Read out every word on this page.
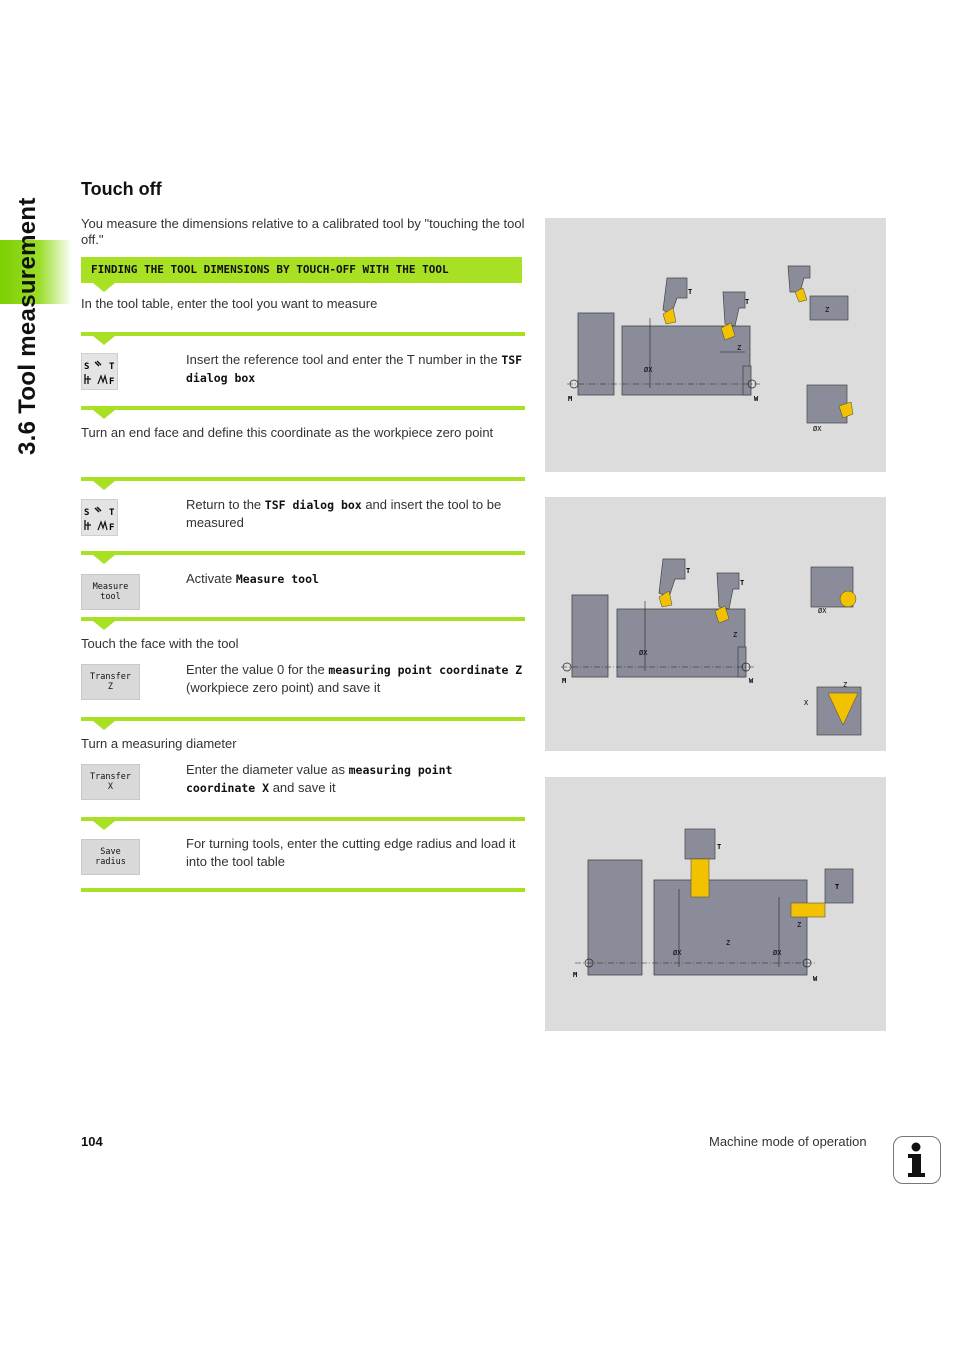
3.6 Tool measurement
Touch off
You measure the dimensions relative to a calibrated tool by "touching the tool off."
FINDING THE TOOL DIMENSIONS BY TOUCH-OFF WITH THE TOOL
In the tool table, enter the tool you want to measure
S T
F
Insert the reference tool and enter the T number in the TSF dialog box
Turn an end face and define this coordinate as the workpiece zero point
S T
F
Return to the TSF dialog box and insert the tool to be measured
Measure
tool
Activate Measure tool
Touch the face with the tool
Transfer
Z
Enter the value 0 for the measuring point coordinate Z (workpiece zero point) and save it
Turn a measuring diameter
Transfer
X
Enter the diameter value as measuring point coordinate X and save it
Save
radius
For turning tools, enter the cutting edge radius and load it into the tool table
M	W
T
T
ØX
Z
Z
ØX
M	W
T
T
ØX
Z
ØX
Z
X
M	W
T
T
ØX	ØX
Z
Z
104	Machine mode of operation
